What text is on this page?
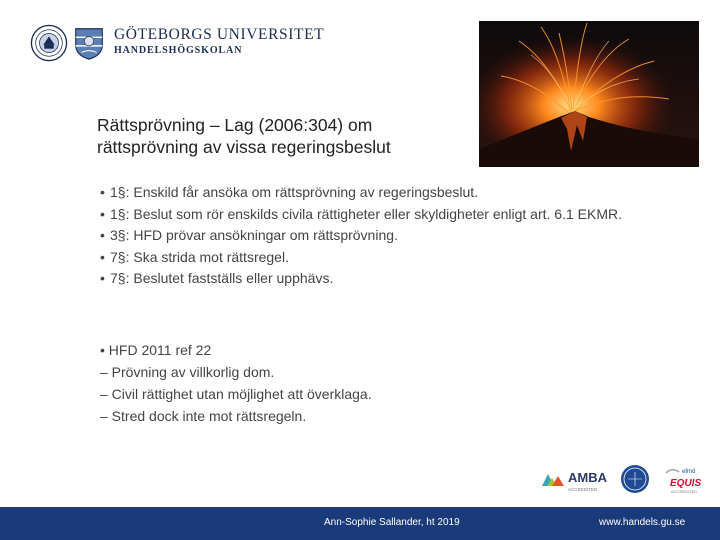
GÖTEBORGS UNIVERSITET
HANDELSHÖGSKOLAN
Rättsprövning – Lag (2006:304) om
rättsprövning av vissa regeringsbeslut
• 1§: Enskild får ansöka om rättsprövning av regeringsbeslut.
• 1§: Beslut som rör enskilds civila rättigheter eller skyldigheter enligt art. 6.1 EKMR.
• 3§: HFD prövar ansökningar om rättsprövning.
• 7§: Ska strida mot rättsregel.
• 7§: Beslutet fastställs eller upphävs.
• HFD 2011 ref 22
– Prövning av villkorlig dom.
– Civil rättighet utan möjlighet att överklaga.
– Stred dock inte mot rättsregeln.
AMBA
ACCREDITED
efmd
EQUIS
ACCREDITED
Ann-Sophie Sallander, ht 2019	www.handels.gu.se
